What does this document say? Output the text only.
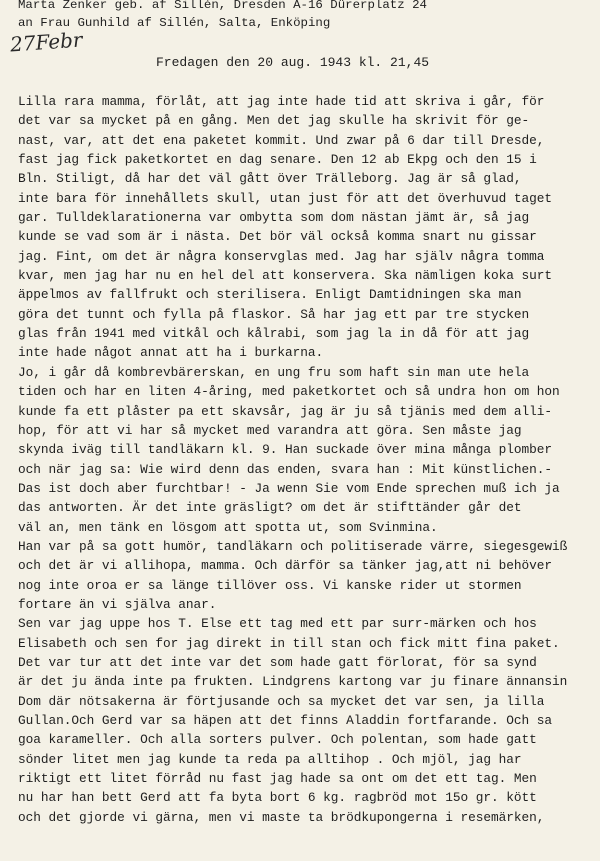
Marta Zenker geb. af Sillén, Dresden A-16 Dürerplatz 24
an Frau Gunhild af Sillén, Salta, Enköping
27Febr
Fredagen den 20 aug. 1943 kl. 21,45
Lilla rara mamma, förlåt, att jag inte hade tid att skriva i går, för
det var sa mycket på en gång. Men det jag skulle ha skrivit för ge-
nast, var, att det ena paketet kommit. Und zwar på 6 dar till Dresde,
fast jag fick paketkortet en dag senare. Den 12 ab Ekpg och den 15 i
Bln. Stiligt, då har det väl gått över Trälleborg. Jag är så glad,
inte bara för innehållets skull, utan just för att det överhuvud taget
gar. Tulldeklarationerna var ombytta som dom nästan jämt är, så jag
kunde se vad som är i nästa. Det bör väl också komma snart nu gissar
jag. Fint, om det är några konservglas med. Jag har själv några tomma
kvar, men jag har nu en hel del att konservera. Ska nämligen koka surt
äppelmos av fallfrukt och sterilisera. Enligt Damtidningen ska man
göra det tunnt och fylla på flaskor. Så har jag ett par tre stycken
glas från 1941 med vitkål och kålrabi, som jag la in då för att jag
inte hade något annat att ha i burkarna.
Jo, i går då kombrevbärerskan, en ung fru som haft sin man ute hela
tiden och har en liten 4-åring, med paketkortet och så undra hon om hon
kunde fa ett plåster pa ett skavsår, jag är ju så tjänis med dem alli-
hop, för att vi har så mycket med varandra att göra. Sen måste jag
skynda iväg till tandläkarn kl. 9. Han suckade över mina många plomber
och när jag sa: Wie wird denn das enden, svara han : Mit künstlichen.-
Das ist doch aber furchtbar! - Ja wenn Sie vom Ende sprechen muß ich ja
das antworten. Är det inte gräsligt? om det är stifttänder går det
väl an, men tänk en lösgom att spotta ut, som Svinmina.
Han var på sa gott humör, tandläkarn och politiserade värre, siegesgewiß
och det är vi allihopa, mamma. Och därför sa tänker jag,att ni behöver
nog inte oroa er sa länge tillöver oss. Vi kanske rider ut stormen
fortare än vi själva anar.
Sen var jag uppe hos T. Else ett tag med ett par surr-märken och hos
Elisabeth och sen for jag direkt in till stan och fick mitt fina paket.
Det var tur att det inte var det som hade gatt förlorat, för sa synd
är det ju ända inte pa frukten. Lindgrens kartong var ju finare ännansin
Dom där nötsakerna är förtjusande och sa mycket det var sen, ja lilla
Gullan.Och Gerd var sa häpen att det finns Aladdin fortfarande. Och sa
goa karameller. Och alla sorters pulver. Och polentan, som hade gatt
sönder litet men jag kunde ta reda pa alltihop . Och mjöl, jag har
riktigt ett litet förråd nu fast jag hade sa ont om det ett tag. Men
nu har han bett Gerd att fa byta bort 6 kg. ragbröd mot 15o gr. kött
och det gjorde vi gärna, men vi maste ta brödkupongerna i resemärken,
